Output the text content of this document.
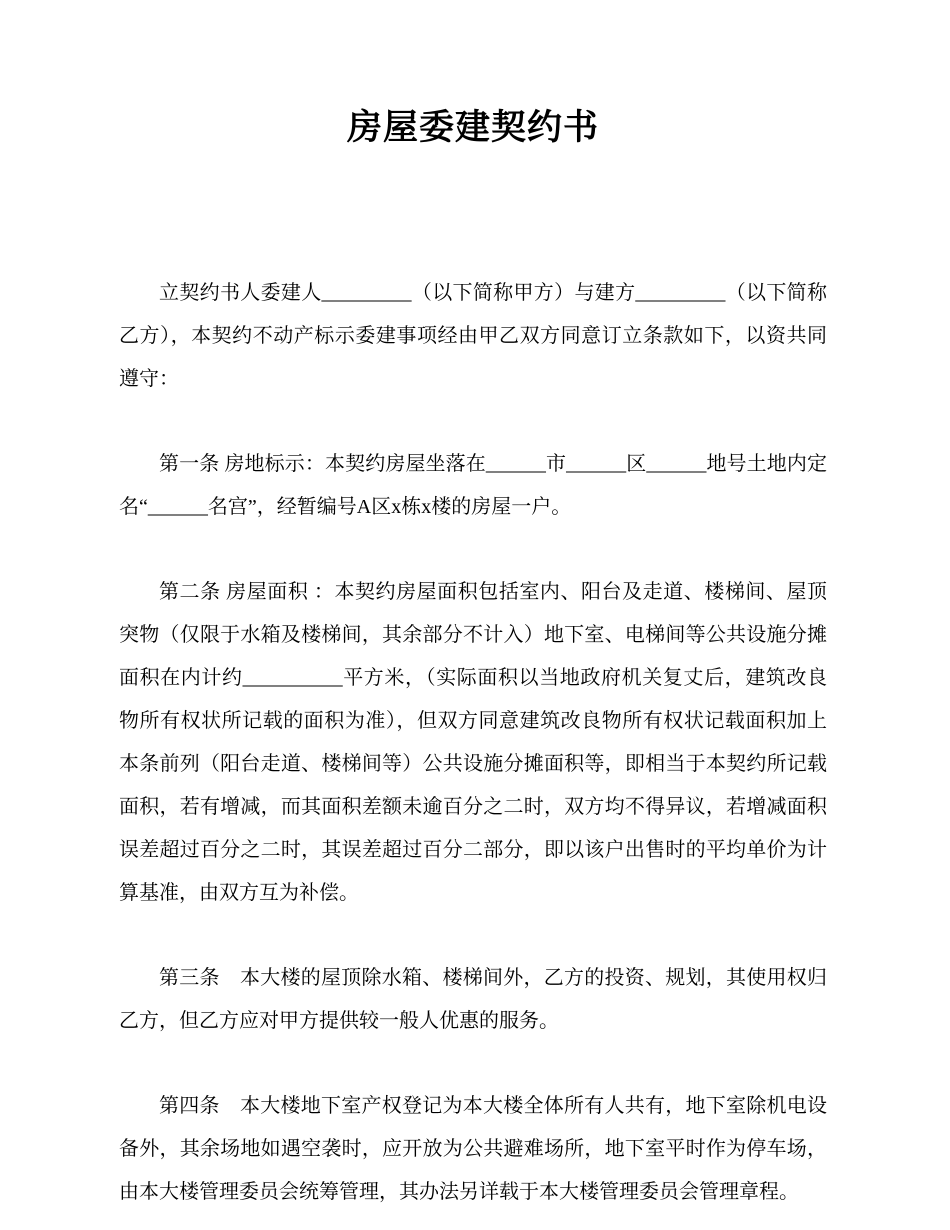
房屋委建契约书

立契约书人委建人_________（以下简称甲方）与建方_________（以下简称乙方），本契约不动产标示委建事项经由甲乙双方同意订立条款如下，以资共同遵守：

第一条 房地标示：本契约房屋坐落在______市______区______地号土地内定名“______名宫”，经暂编号A区x栋x楼的房屋一户。

第二条 房屋面积 ：本契约房屋面积包括室内、阳台及走道、楼梯间、屋顶突物（仅限于水箱及楼梯间，其余部分不计入）地下室、电梯间等公共设施分摊面积在内计约__________平方米，（实际面积以当地政府机关复丈后，建筑改良物所有权状所记载的面积为准），但双方同意建筑改良物所有权状记载面积加上本条前列（阳台走道、楼梯间等）公共设施分摊面积等，即相当于本契约所记载面积，若有增减，而其面积差额未逾百分之二时，双方均不得异议，若增减面积误差超过百分之二时，其误差超过百分二部分，即以该户出售时的平均单价为计算基准，由双方互为补偿。

第三条　本大楼的屋顶除水箱、楼梯间外，乙方的投资、规划，其使用权归乙方，但乙方应对甲方提供较一般人优惠的服务。

第四条　本大楼地下室产权登记为本大楼全体所有人共有，地下室除机电设备外，其余场地如遇空袭时，应开放为公共避难场所，地下室平时作为停车场，由本大楼管理委员会统筹管理，其办法另详载于本大楼管理委员会管理章程。
